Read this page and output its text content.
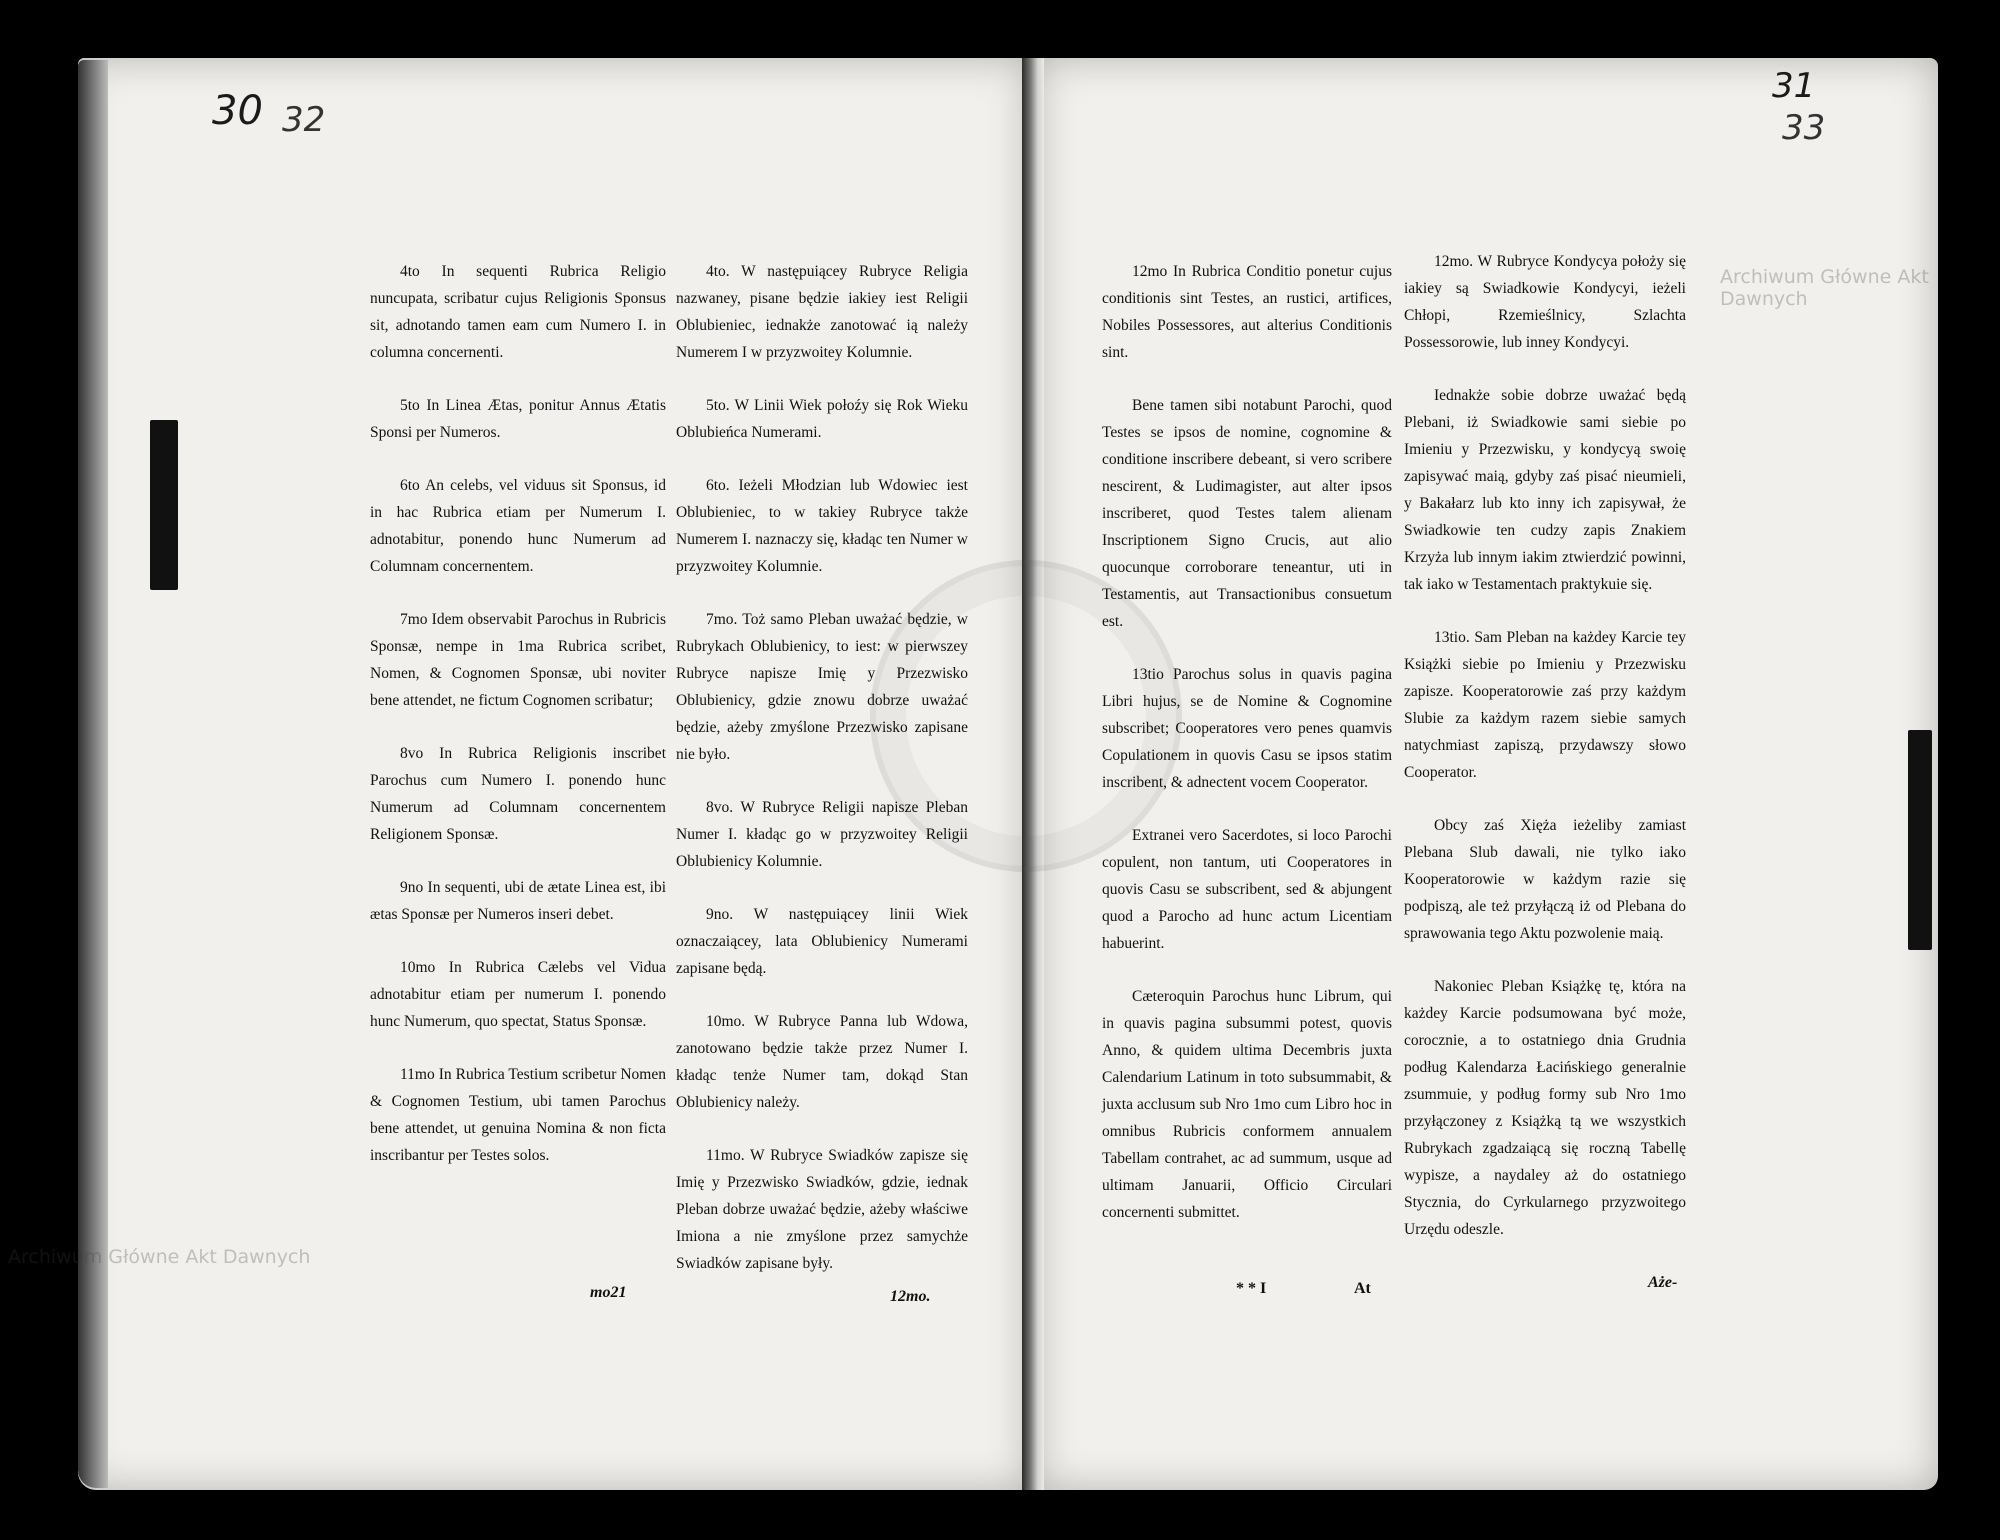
30 32
31
33
Archiwum Główne Akt Dawnych
Archiwum Główne Akt Dawnych

4to In sequenti Rubrica Religio nuncupata, scribatur cujus Religionis Sponsus sit, adnotando tamen eam cum Numero I. in columna concernenti.

5to In Linea Ætas, ponitur Annus Ætatis Sponsi per Numeros.

6to An celebs, vel viduus sit Sponsus, id in hac Rubrica etiam per Numerum I. adnotabitur, ponendo hunc Numerum ad Columnam concernentem.

7mo Idem observabit Parochus in Rubricis Sponsæ, nempe in 1ma Rubrica scribet, Nomen, & Cognomen Sponsæ, ubi noviter bene attendet, ne fictum Cognomen scribatur;

8vo In Rubrica Religionis inscribet Parochus cum Numero I. ponendo hunc Numerum ad Columnam concernentem Religionem Sponsæ.

9no In sequenti, ubi de ætate Linea est, ibi ætas Sponsæ per Numeros inseri debet.

10mo In Rubrica Cælebs vel Vidua adnotabitur etiam per numerum I. ponendo hunc Numerum, quo spectat, Status Sponsæ.

11mo In Rubrica Testium scribetur Nomen & Cognomen Testium, ubi tamen Parochus bene attendet, ut genuina Nomina & non ficta inscribantur per Testes solos.

4to. W następuiącey Rubryce Religia nazwaney, pisane będzie iakiey iest Religii Oblubieniec, iednakże zanotować ią należy Numerem I w przyzwoitey Kolumnie.

5to. W Linii Wiek połoźy się Rok Wieku Oblubieńca Numerami.

6to. Ieżeli Młodzian lub Wdowiec iest Oblubieniec, to w takiey Rubryce także Numerem I. naznaczy się, kładąc ten Numer w przyzwoitey Kolumnie.

7mo. Toż samo Pleban uważać będzie, w Rubrykach Oblubienicy, to iest: w pierwszey Rubryce napisze Imię y Przezwisko Oblubienicy, gdzie znowu dobrze uważać będzie, ażeby zmyślone Przezwisko zapisane nie było.

8vo. W Rubryce Religii napisze Pleban Numer I. kładąc go w przyzwoitey Religii Oblubienicy Kolumnie.

9no. W następuiącey linii Wiek oznaczaiącey, lata Oblubienicy Numerami zapisane będą.

10mo. W Rubryce Panna lub Wdowa, zanotowano będzie także przez Numer I. kładąc tenże Numer tam, dokąd Stan Oblubienicy należy.

11mo. W Rubryce Swiadków zapisze się Imię y Przezwisko Swiadków, gdzie, iednak Pleban dobrze uważać będzie, ażeby właściwe Imiona a nie zmyślone przez samychże Swiadków zapisane były.

mo21	12mo.

12mo In Rubrica Conditio ponetur cujus conditionis sint Testes, an rustici, artifices, Nobiles Possessores, aut alterius Conditionis sint.

Bene tamen sibi notabunt Parochi, quod Testes se ipsos de nomine, cognomine & conditione inscribere debeant, si vero scribere nescirent, & Ludimagister, aut alter ipsos inscriberet, quod Testes talem alienam Inscriptionem Signo Crucis, aut alio quocunque corroborare teneantur, uti in Testamentis, aut Transactionibus consuetum est.

13tio Parochus solus in quavis pagina Libri hujus, se de Nomine & Cognomine subscribet; Cooperatores vero penes quamvis Copulationem in quovis Casu se ipsos statim inscribent, & adnectent vocem Cooperator.

Extranei vero Sacerdotes, si loco Parochi copulent, non tantum, uti Cooperatores in quovis Casu se subscribent, sed & abjungent quod a Parocho ad hunc actum Licentiam habuerint.

Cæteroquin Parochus hunc Librum, qui in quavis pagina subsummi potest, quovis Anno, & quidem ultima Decembris juxta Calendarium Latinum in toto subsummabit, & juxta acclusum sub Nro 1mo cum Libro hoc in omnibus Rubricis conformem annualem Tabellam contrahet, ac ad summum, usque ad ultimam Januarii, Officio Circulari concernenti submittet.

12mo. W Rubryce Kondycya położy się iakiey są Swiadkowie Kondycyi, ieżeli Chłopi, Rzemieślnicy, Szlachta Possessorowie, lub inney Kondycyi.

Iednakże sobie dobrze uważać będą Plebani, iż Swiadkowie sami siebie po Imieniu y Przezwisku, y kondycyą swoię zapisywać maią, gdyby zaś pisać nieumieli, y Bakałarz lub kto inny ich zapisywał, że Swiadkowie ten cudzy zapis Znakiem Krzyża lub innym iakim ztwierdzić powinni, tak iako w Testamentach praktykuie się.

13tio. Sam Pleban na każdey Karcie tey Książki siebie po Imieniu y Przezwisku zapisze. Kooperatorowie zaś przy każdym Slubie za każdym razem siebie samych natychmiast zapiszą, przydawszy słowo Cooperator.

Obcy zaś Xięża ieżeliby zamiast Plebana Slub dawali, nie tylko iako Kooperatorowie w każdym razie się podpiszą, ale też przyłączą iż od Plebana do sprawowania tego Aktu pozwolenie maią.

Nakoniec Pleban Książkę tę, która na każdey Karcie podsumowana być może, corocznie, a to ostatniego dnia Grudnia podług Kalendarza Łacińskiego generalnie zsummuie, y podług formy sub Nro 1mo przyłączoney z Książką tą we wszystkich Rubrykach zgadzaiącą się roczną Tabellę wypisze, a naydaley aż do ostatniego Stycznia, do Cyrkularnego przyzwoitego Urzędu odeszle.

* * I	At	Aże-
